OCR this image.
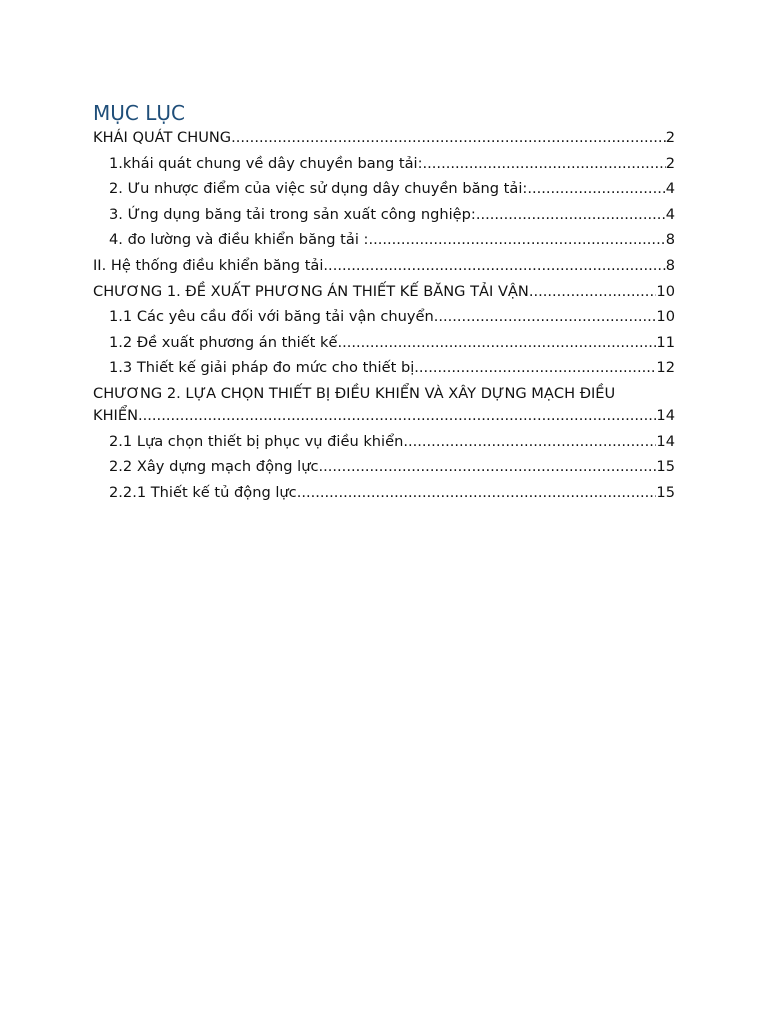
MỤC LỤC
KHÁI QUÁT CHUNG .....	2
1.khái quát chung về dây chuyền bang tải: .....	2
2. Ưu nhược điểm của việc sử dụng dây chuyền băng tải: .....	4
3. Ứng dụng băng tải trong sản xuất công nghiệp: .....	4
4. đo lường và điều khiển băng tải : .....	8
II. Hệ thống điều khiển băng tải .....	8
CHƯƠNG 1. ĐỀ XUẤT PHƯƠNG ÁN THIẾT KẾ BĂNG TẢI VẬN .....	10
1.1 Các yêu cầu đối với băng tải vận chuyển .....	10
1.2 Đề xuất phương án thiết kế .....	11
1.3 Thiết kế giải pháp đo mức cho thiết bị .....	12
CHƯƠNG 2. LỰA CHỌN THIẾT BỊ ĐIỀU KHIỂN VÀ XÂY DỰNG MẠCH ĐIỀU
KHIỂN .....	14
2.1 Lựa chọn thiết bị phục vụ điều khiển .....	14
2.2 Xây dựng mạch động lực .....	15
2.2.1 Thiết kế tủ động lực .....	15
